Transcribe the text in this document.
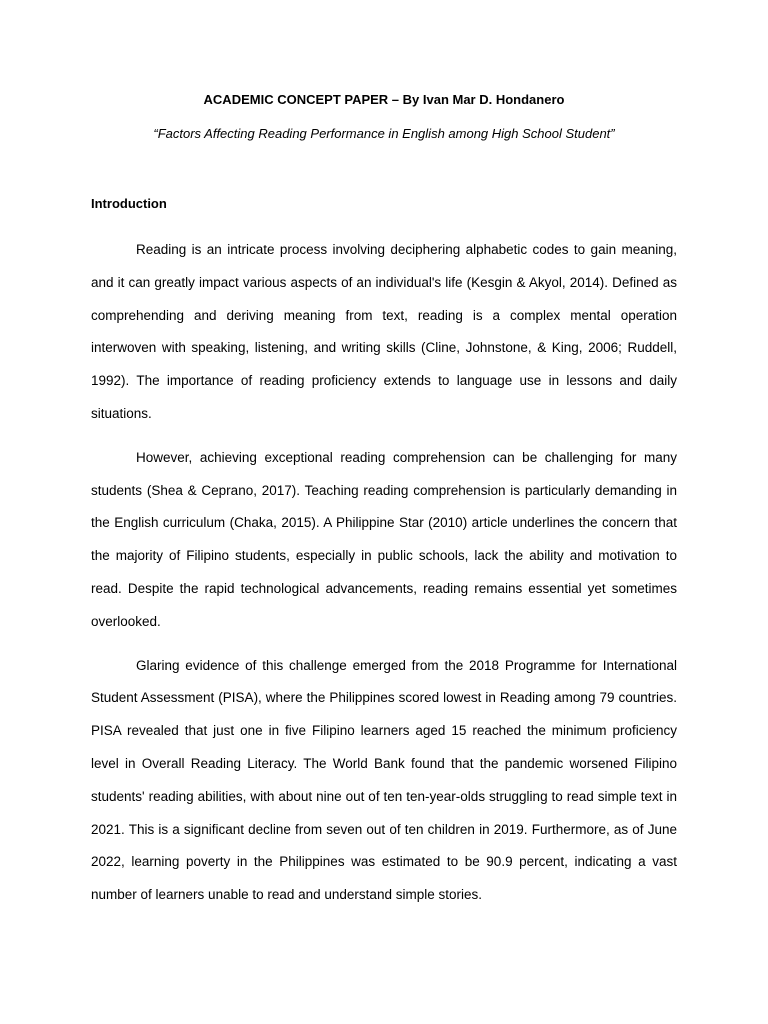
ACADEMIC CONCEPT PAPER – By Ivan Mar D. Hondanero
“Factors Affecting Reading Performance in English among High School Student”
Introduction

Reading is an intricate process involving deciphering alphabetic codes to gain meaning, and it can greatly impact various aspects of an individual's life (Kesgin & Akyol, 2014). Defined as comprehending and deriving meaning from text, reading is a complex mental operation interwoven with speaking, listening, and writing skills (Cline, Johnstone, & King, 2006; Ruddell, 1992). The importance of reading proficiency extends to language use in lessons and daily situations.

However, achieving exceptional reading comprehension can be challenging for many students (Shea & Ceprano, 2017). Teaching reading comprehension is particularly demanding in the English curriculum (Chaka, 2015). A Philippine Star (2010) article underlines the concern that the majority of Filipino students, especially in public schools, lack the ability and motivation to read. Despite the rapid technological advancements, reading remains essential yet sometimes overlooked.

Glaring evidence of this challenge emerged from the 2018 Programme for International Student Assessment (PISA), where the Philippines scored lowest in Reading among 79 countries. PISA revealed that just one in five Filipino learners aged 15 reached the minimum proficiency level in Overall Reading Literacy. The World Bank found that the pandemic worsened Filipino students' reading abilities, with about nine out of ten ten-year-olds struggling to read simple text in 2021. This is a significant decline from seven out of ten children in 2019. Furthermore, as of June 2022, learning poverty in the Philippines was estimated to be 90.9 percent, indicating a vast number of learners unable to read and understand simple stories.
